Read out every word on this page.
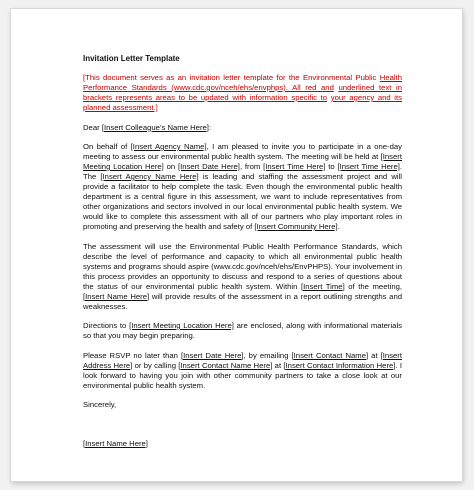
Invitation Letter Template

[This document serves as an invitation letter template for the Environmental Public Health Performance Standards (www.cdc.gov/nceh/ehs/envphps). All red and underlined text in brackets represents areas to be updated with information specific to your agency and its planned assessment.]

Dear [Insert Colleague’s Name Here]:

On behalf of [Insert Agency Name], I am pleased to invite you to participate in a one-day meeting to assess our environmental public health system. The meeting will be held at [Insert Meeting Location Here] on [Insert Date Here], from [Insert Time Here] to [Insert Time Here]. The [Insert Agency Name Here] is leading and staffing the assessment project and will provide a facilitator to help complete the task. Even though the environmental public health department is a central figure in this assessment, we want to include representatives from other organizations and sectors involved in our local environmental public health system. We would like to complete this assessment with all of our partners who play important roles in promoting and preserving the health and safety of [Insert Community Here].

The assessment will use the Environmental Public Health Performance Standards, which describe the level of performance and capacity to which all environmental public health systems and programs should aspire (www.cdc.gov/nceh/ehs/EnvPHPS). Your involvement in this process provides an opportunity to discuss and respond to a series of questions about the status of our environmental public health system. Within [Insert Time] of the meeting, [Insert Name Here] will provide results of the assessment in a report outlining strengths and weaknesses.

Directions to [Insert Meeting Location Here] are enclosed, along with informational materials so that you may begin preparing.

Please RSVP no later than [Insert Date Here], by emailing [Insert Contact Name] at [Insert Address Here] or by calling [Insert Contact Name Here] at [Insert Contact Information Here]. I look forward to having you join with other community partners to take a close look at our environmental public health system.

Sincerely,

[Insert Name Here]
